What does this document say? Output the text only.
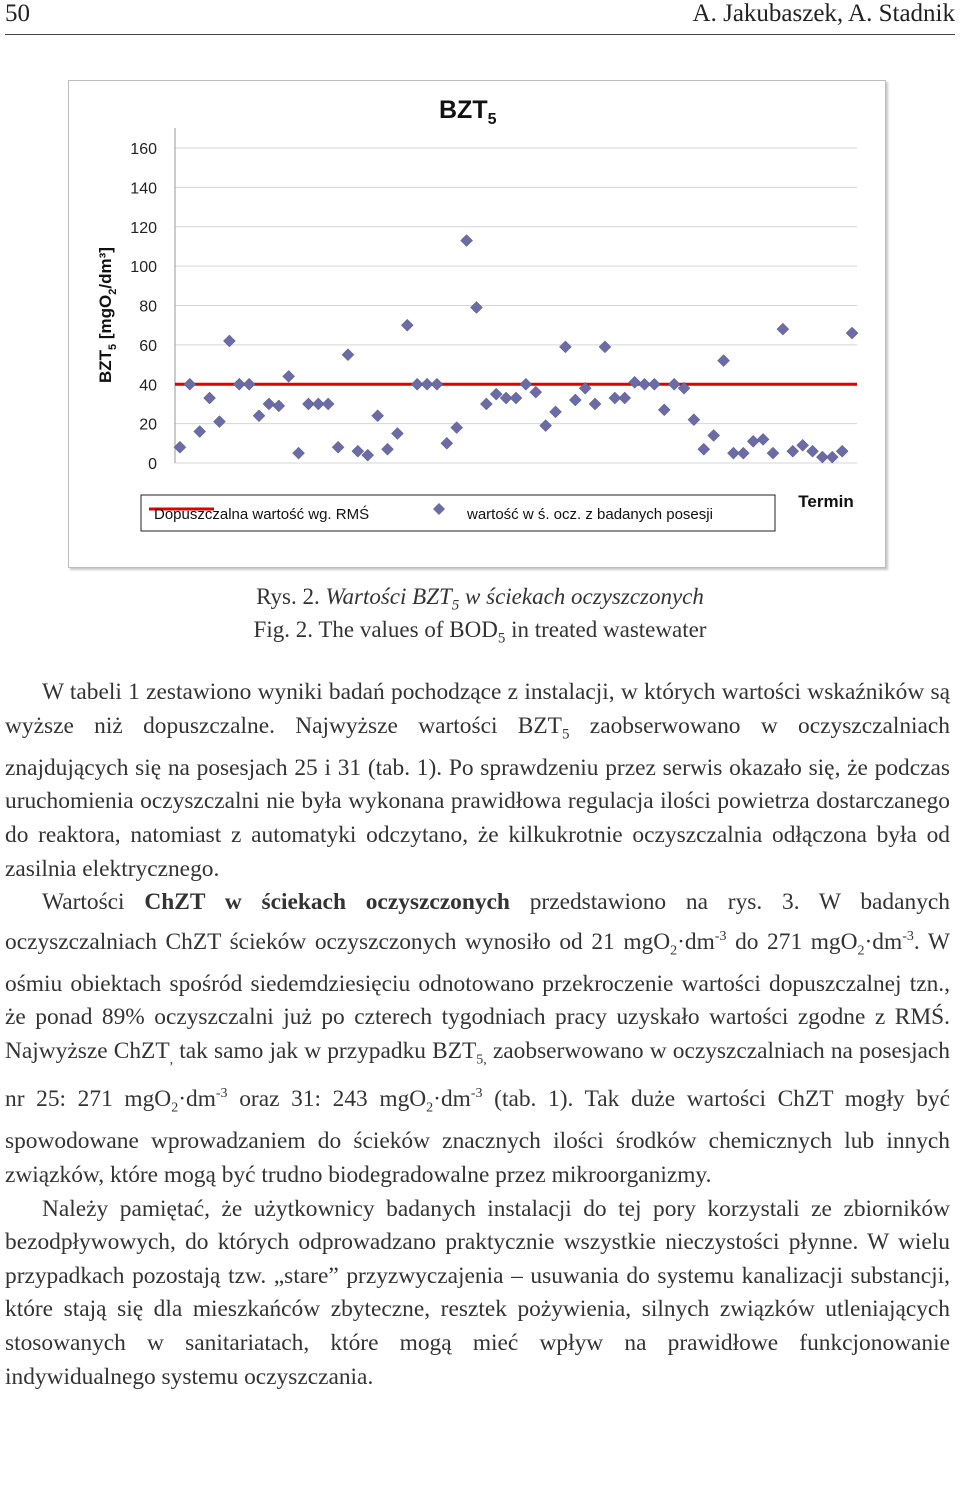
50	A. Jakubaszek, A. Stadnik
0
20
40
60
80
100
120
140
160
$BZT_5$
$BZT_5$ [mgO$_2$/dm³]
Dopuszczalna wartość wg. RMŚ	wartość w ś. ocz. z badanych posesji
Termin
Rys. 2. Wartości $BZT_5$ w ściekach oczyszczonych
Fig. 2. The values of $BOD_5$ in treated wastewater

W tabeli 1 zestawiono wyniki badań pochodzące z instalacji, w których wartości wskaźników są wyższe niż dopuszczalne. Najwyższe wartości $BZT_5$ zaobserwowano w oczyszczalniach znajdujących się na posesjach 25 i 31 (tab. 1). Po sprawdzeniu przez serwis okazało się, że podczas uruchomienia oczyszczalni nie była wykonana prawidłowa regulacja ilości powietrza dostarczanego do reaktora, natomiast z automatyki odczytano, że kilkukrotnie oczyszczalnia odłączona była od zasilnia elektrycznego.

Wartości ChZT w ściekach oczyszczonych przedstawiono na rys. 3. W badanych oczyszczalniach ChZT ścieków oczyszczonych wynosiło od 21 $mgO_2\cdot dm^{-3}$ do 271 $mgO_2\cdot dm^{-3}$. W ośmiu obiektach spośród siedemdziesięciu odnotowano przekroczenie wartości dopuszczalnej tzn., że ponad 89% oczyszczalni już po czterech tygodniach pracy uzyskało wartości zgodne z RMŚ. Najwyższe ChZT$_,$ tak samo jak w przypadku $BZT_{5,}$ zaobserwowano w oczyszczalniach na posesjach nr 25: 271 $mgO_2\cdot dm^{-3}$ oraz 31: 243 $mgO_2\cdot dm^{-3}$ (tab. 1). Tak duże wartości ChZT mogły być spowodowane wprowadzaniem do ścieków znacznych ilości środków chemicznych lub innych związków, które mogą być trudno biodegradowalne przez mikroorganizmy.

Należy pamiętać, że użytkownicy badanych instalacji do tej pory korzystali ze zbiorników bezodpływowych, do których odprowadzano praktycznie wszystkie nieczystości płynne. W wielu przypadkach pozostają tzw. „stare” przyzwyczajenia – usuwania do systemu kanalizacji substancji, które stają się dla mieszkańców zbyteczne, resztek pożywienia, silnych związków utleniających stosowanych w sanitariatach, które mogą mieć wpływ na prawidłowe funkcjonowanie indywidualnego systemu oczyszczania.
